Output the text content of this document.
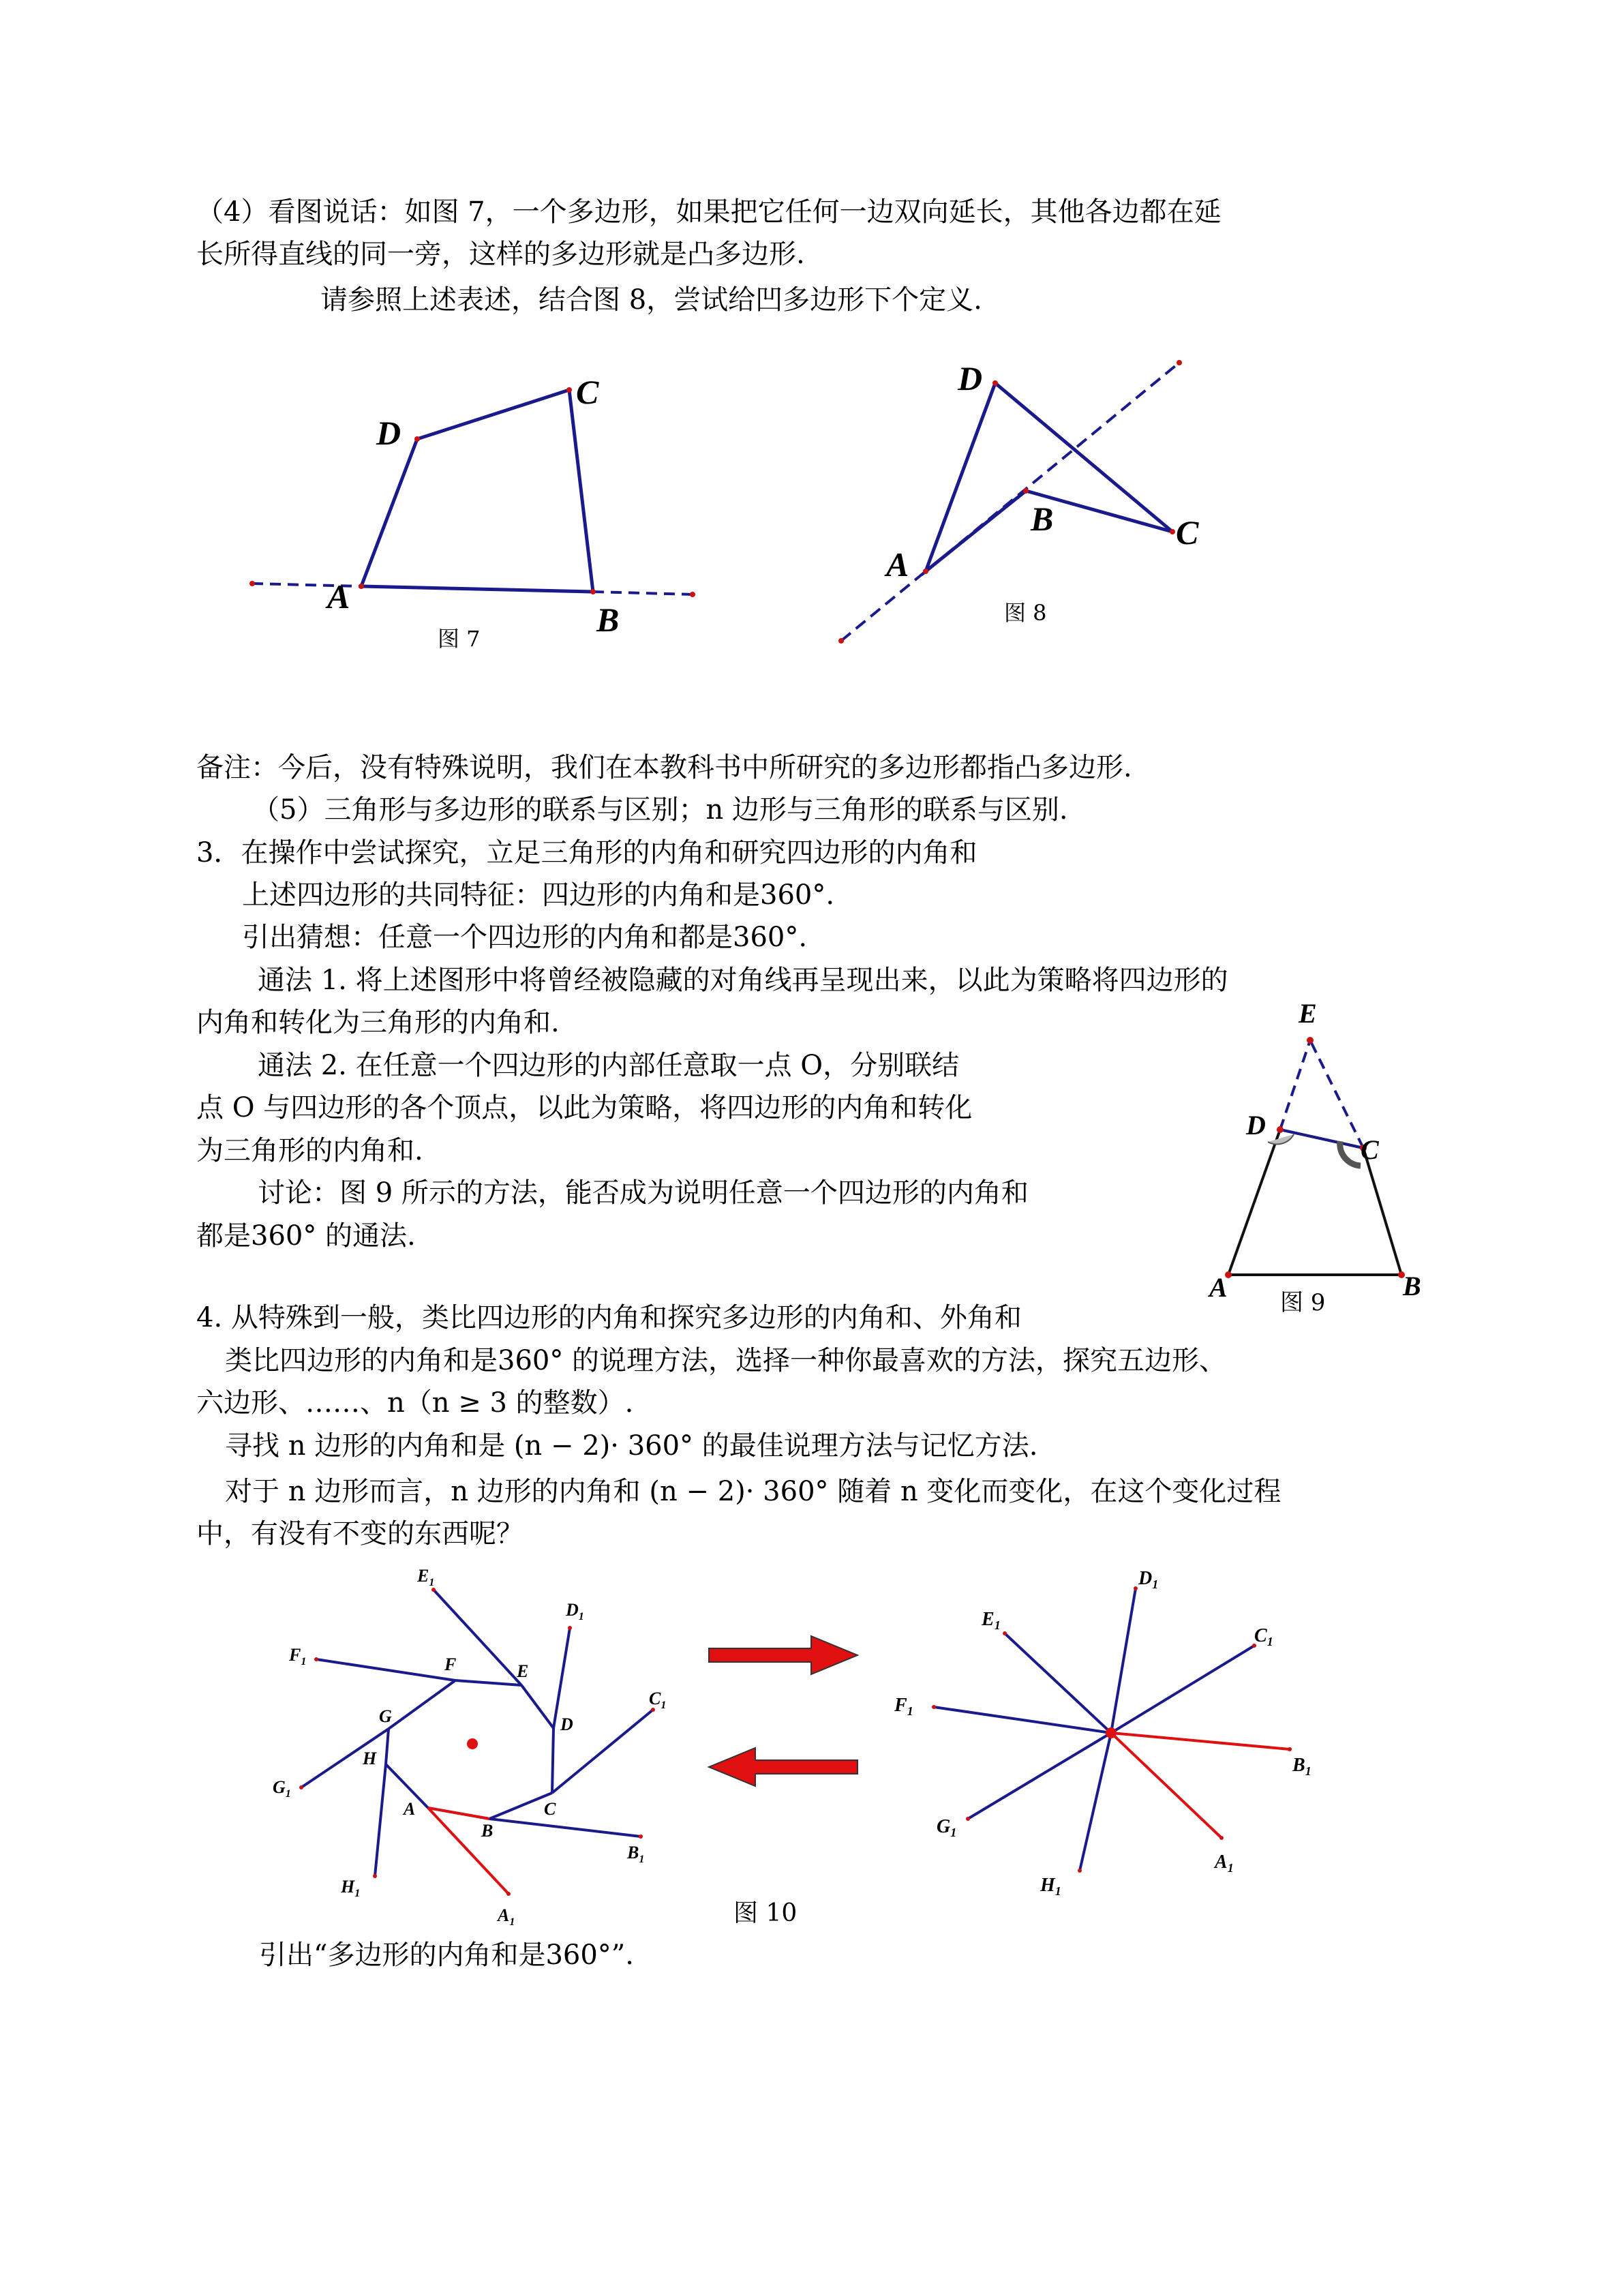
（4）看图说话：如图 7，一个多边形，如果把它任何一边双向延长，其他各边都在延
长所得直线的同一旁，这样的多边形就是凸多边形.
请参照上述表述，结合图 8，尝试给凹多边形下个定义.
A
B
C
D
图 7
A
B	C
D
图 8
备注：今后，没有特殊说明，我们在本教科书中所研究的多边形都指凸多边形.
（5）三角形与多边形的联系与区别；n 边形与三角形的联系与区别.
3．在操作中尝试探究，立足三角形的内角和研究四边形的内角和
上述四边形的共同特征：四边形的内角和是360°.
引出猜想：任意一个四边形的内角和都是360°.
通法 1. 将上述图形中将曾经被隐藏的对角线再呈现出来，以此为策略将四边形的
内角和转化为三角形的内角和.
通法 2. 在任意一个四边形的内部任意取一点 O，分别联结
点 O 与四边形的各个顶点，以此为策略，将四边形的内角和转化
为三角形的内角和.
讨论：图 9 所示的方法，能否成为说明任意一个四边形的内角和
都是360° 的通法.
E
D
C
A	B
图 9
4. 从特殊到一般，类比四边形的内角和探究多边形的内角和、外角和
类比四边形的内角和是360° 的说理方法，选择一种你最喜欢的方法，探究五边形、
六边形、……、n（n ≥ 3 的整数）.
寻找 n 边形的内角和是 (n − 2)· 360° 的最佳说理方法与记忆方法.
对于 n 边形而言，n 边形的内角和 (n − 2)· 360° 随着 n 变化而变化，在这个变化过程
中，有没有不变的东西呢？
A
B
C
D
E
F
G
H
$A_1$
$B_1$
$C_1$
$D_1$
$E_1$
$F_1$
$G_1$
$H_1$
$A_1$
$B_1$
$C_1$
$D_1$
$E_1$
$F_1$
$G_1$
$H_1$
图 10
引出“多边形的内角和是360°”.
